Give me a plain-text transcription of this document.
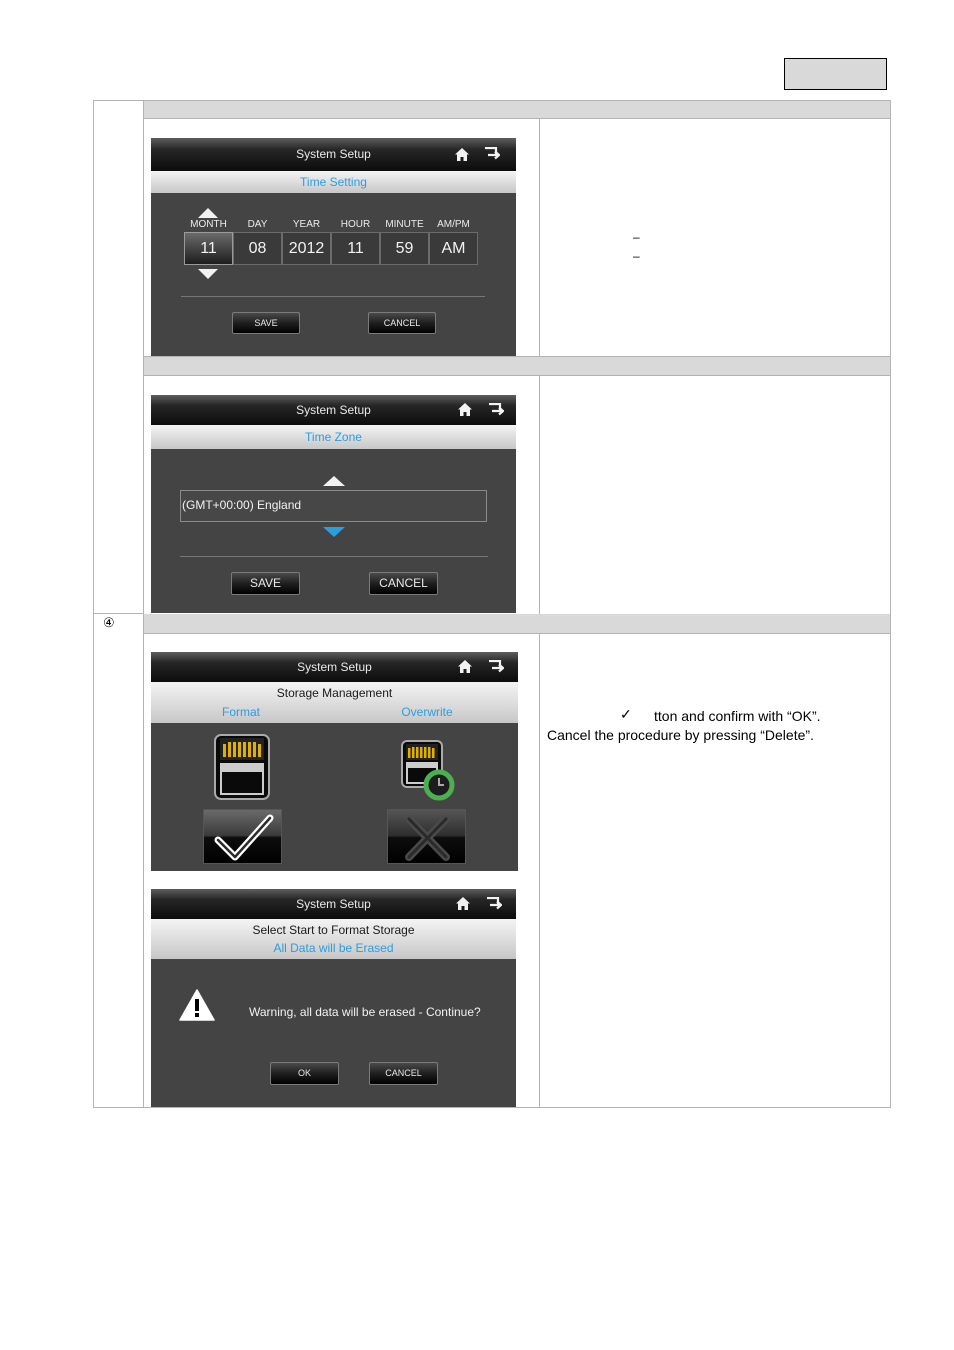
④
System Setup
Time Setting
MONTH	DAY	YEAR	HOUR	MINUTE	AM/PM
11	08	2012	11	59	AM
SAVE	CANCEL
–
–
System Setup
Time Zone
(GMT+00:00) England
SAVE	CANCEL
System Setup
Storage Management
Format	Overwrite	✓ tton and confirm with “OK”.
Cancel the procedure by pressing “Delete”.
System Setup
Select Start to Format Storage
All Data will be Erased
Warning, all data will be erased - Continue?
OK	CANCEL
